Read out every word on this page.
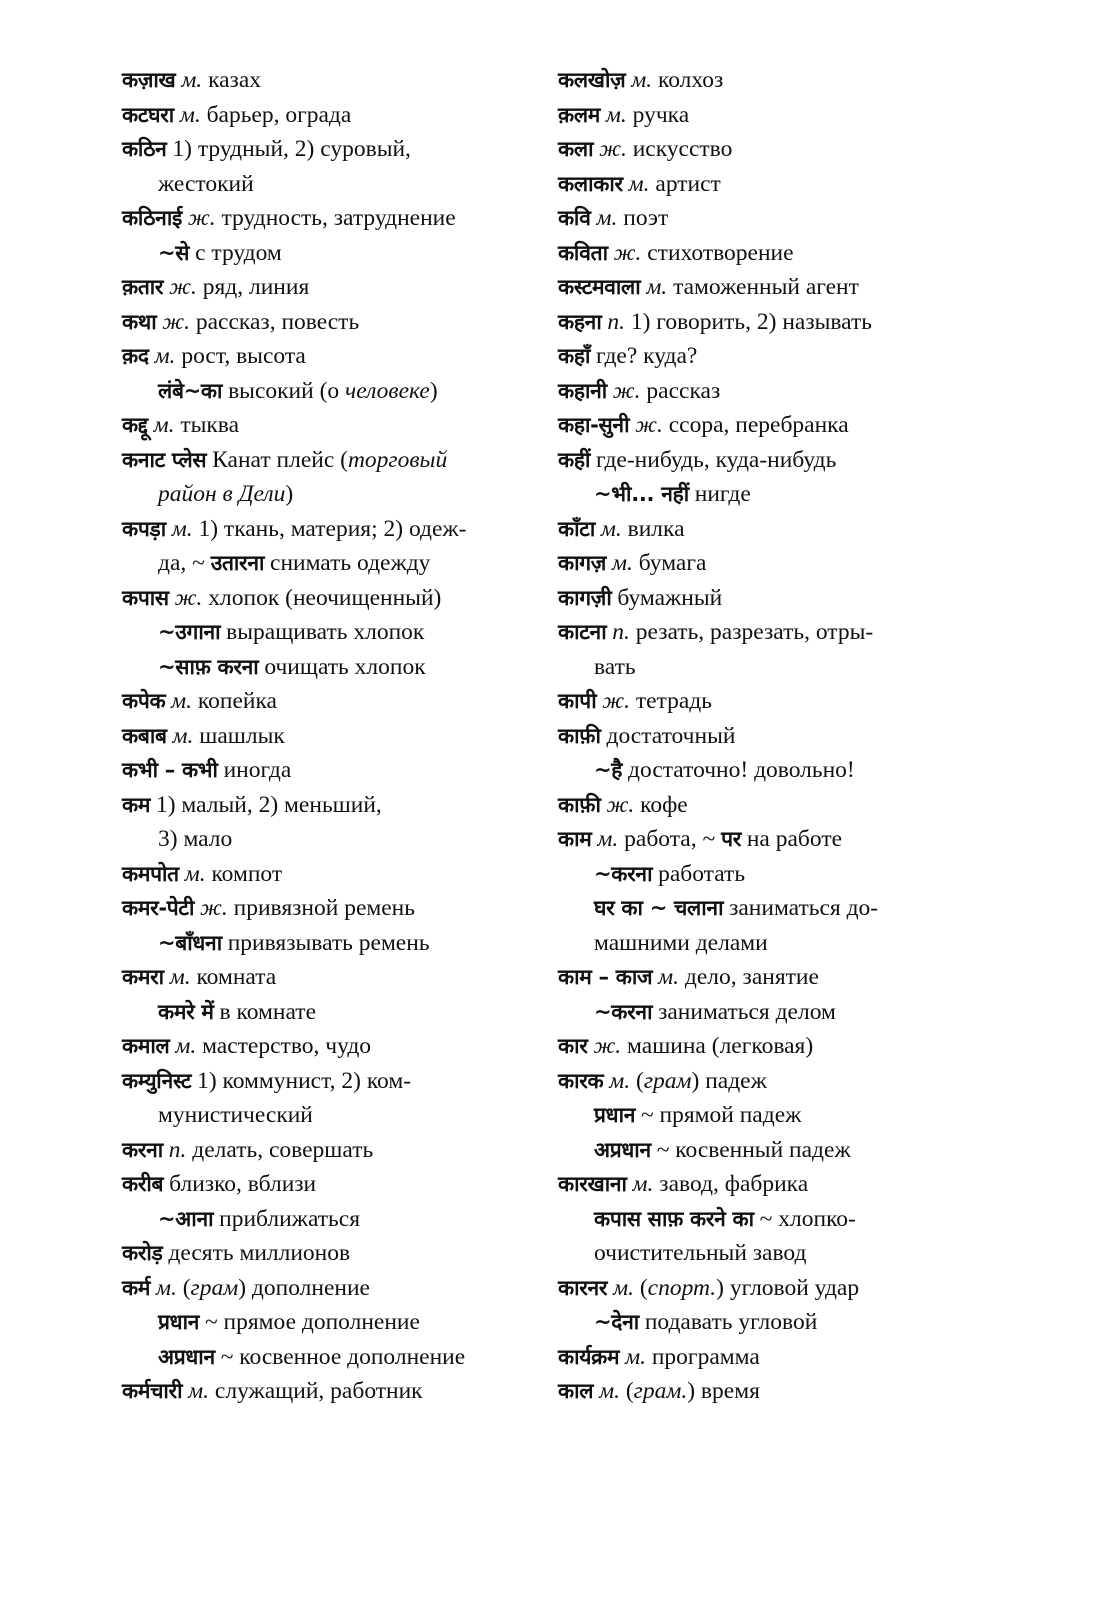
कज़ाख м. казах
कटघरा м. барьер, ограда
कठिन 1) трудный, 2) суровый,
жестокий
कठिनाई ж. трудность, затруднение
~से с трудом
क़तार ж. ряд, линия
कथा ж. рассказ, повесть
क़द м. рост, высота
लंबे~का высокий (о человеке)
कद्दू м. тыква
कनाट प्लेस Канат плейс (торговый
район в Дели)
कपड़ा м. 1) ткань, материя; 2) одеж-
да, ~ उतारना снимать одежду
कपास ж. хлопок (неочищенный)
~उगाना выращивать хлопок
~साफ़ करना очищать хлопок
कपेक м. копейка
कबाब м. шашлык
कभी – कभी иногда
कम 1) малый, 2) меньший,
3) мало
कमपोत м. компот
कमर-पेटी ж. привязной ремень
~बाँधना привязывать ремень
कमरा м. комната
कमरे में в комнате
कमाल м. мастерство, чудо
कम्युनिस्ट 1) коммунист, 2) ком-
мунистический
करना п. делать, совершать
करीब близко, вблизи
~आना приближаться
करोड़ десять миллионов
कर्म м. (грам) дополнение
प्रधान ~ прямое дополнение
अप्रधान ~ косвенное дополнение
कर्मचारी м. служащий, работник
कलखोज़ м. колхоз
क़लम м. ручка
कला ж. искусство
कलाकार м. артист
कवि м. поэт
कविता ж. стихотворение
कस्टमवाला м. таможенный агент
कहना п. 1) говорить, 2) называть
कहाँ где? куда?
कहानी ж. рассказ
कहा-सुनी ж. ссора, перебранка
कहीं где-нибудь, куда-нибудь
~भी... नहीं нигде
काँटा м. вилка
कागज़ м. бумага
कागज़ी бумажный
काटना п. резать, разрезать, отры-
вать
कापी ж. тетрадь
काफ़ी достаточный
~है достаточно! довольно!
काफ़ी ж. кофе
काम м. работа, ~ पर на работе
~करना работать
घर का ~ चलाना заниматься до-
машними делами
काम – काज м. дело, занятие
~करना заниматься делом
कार ж. машина (легковая)
कारक м. (грам) падеж
प्रधान ~ прямой падеж
अप्रधान ~ косвенный падеж
कारखाना м. завод, фабрика
कपास साफ़ करने का ~ хлопко-
очистительный завод
कारनर м. (спорт.) угловой удар
~देना подавать угловой
कार्यक्रम м. программа
काल м. (грам.) время
